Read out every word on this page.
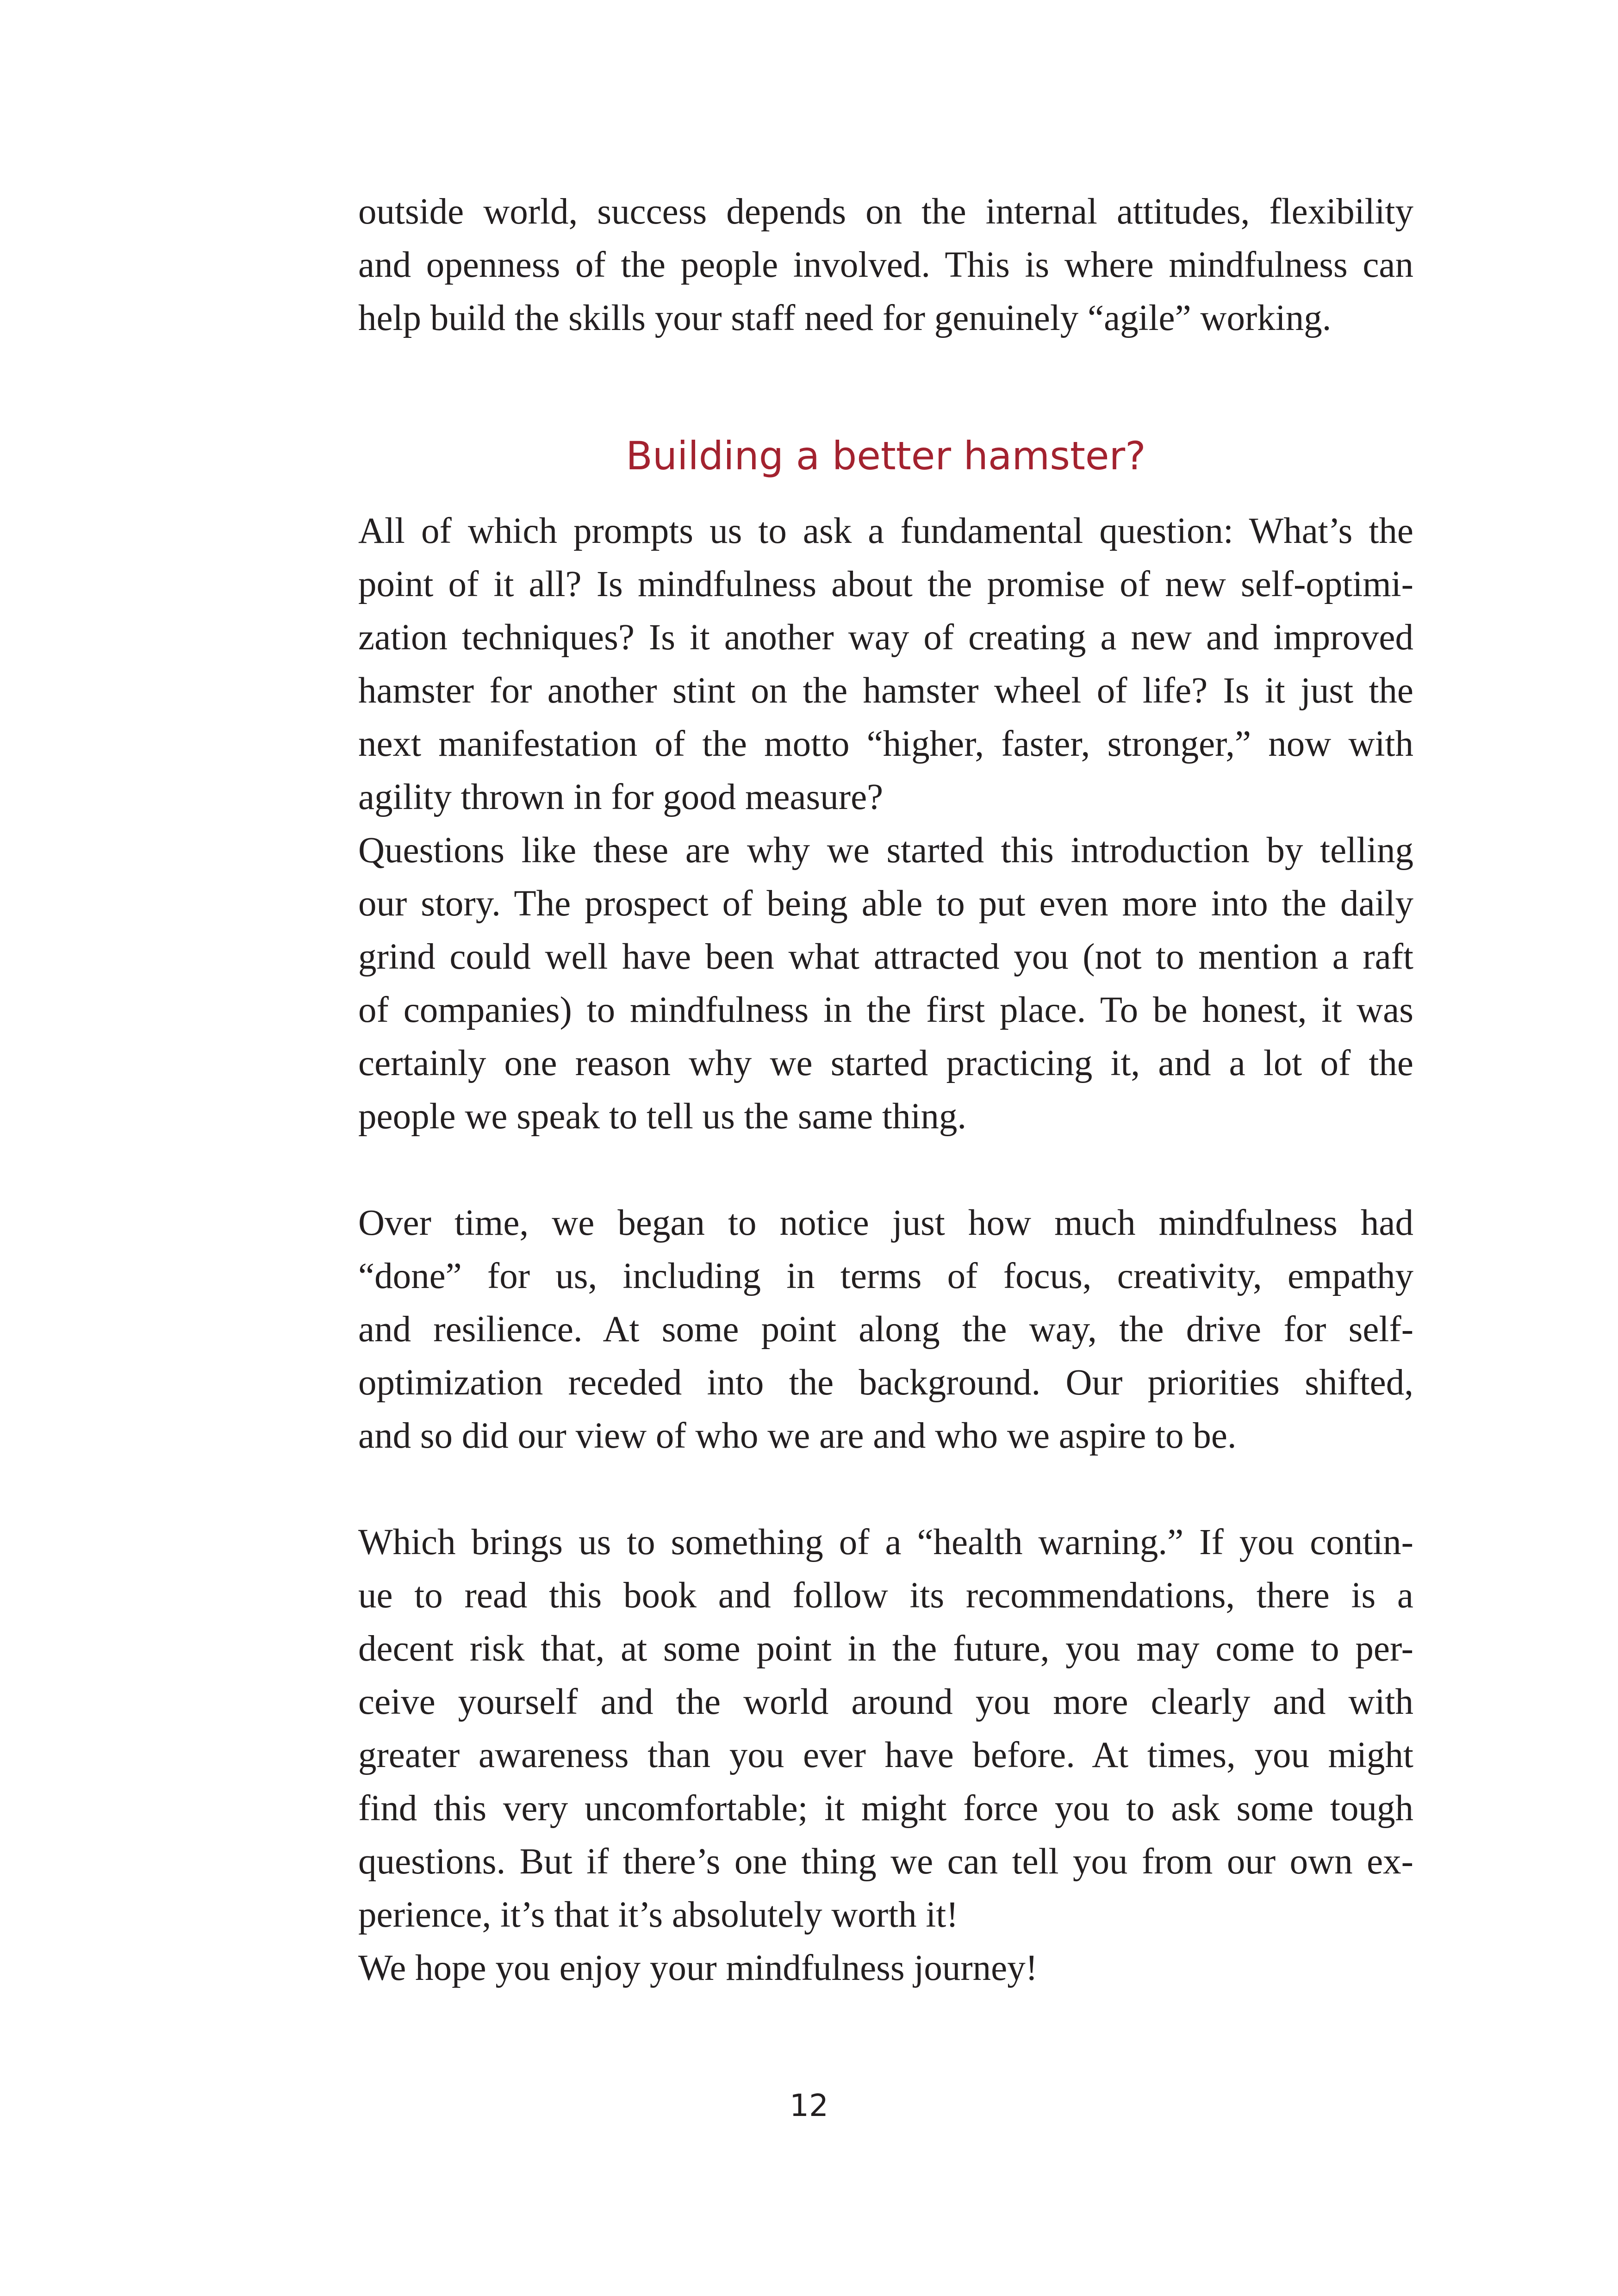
outside world, success depends on the internal attitudes, flexibility
and openness of the people involved. This is where mindfulness can
help build the skills your staff need for genuinely “agile” working.
Building a better hamster?
All of which prompts us to ask a fundamental question: What’s the
point of it all? Is mindfulness about the promise of new self-optimi-
zation techniques? Is it another way of creating a new and improved
hamster for another stint on the hamster wheel of life? Is it just the
next manifestation of the motto “higher, faster, stronger,” now with
agility thrown in for good measure?
Questions like these are why we started this introduction by telling
our story. The prospect of being able to put even more into the daily
grind could well have been what attracted you (not to mention a raft
of companies) to mindfulness in the first place. To be honest, it was
certainly one reason why we started practicing it, and a lot of the
people we speak to tell us the same thing.
Over time, we began to notice just how much mindfulness had
“done” for us, including in terms of focus, creativity, empathy
and resilience. At some point along the way, the drive for self-
optimization receded into the background. Our priorities shifted,
and so did our view of who we are and who we aspire to be.
Which brings us to something of a “health warning.” If you contin-
ue to read this book and follow its recommendations, there is a
decent risk that, at some point in the future, you may come to per-
ceive yourself and the world around you more clearly and with
greater awareness than you ever have before. At times, you might
find this very uncomfortable; it might force you to ask some tough
questions. But if there’s one thing we can tell you from our own ex-
perience, it’s that it’s absolutely worth it!
We hope you enjoy your mindfulness journey!
12
